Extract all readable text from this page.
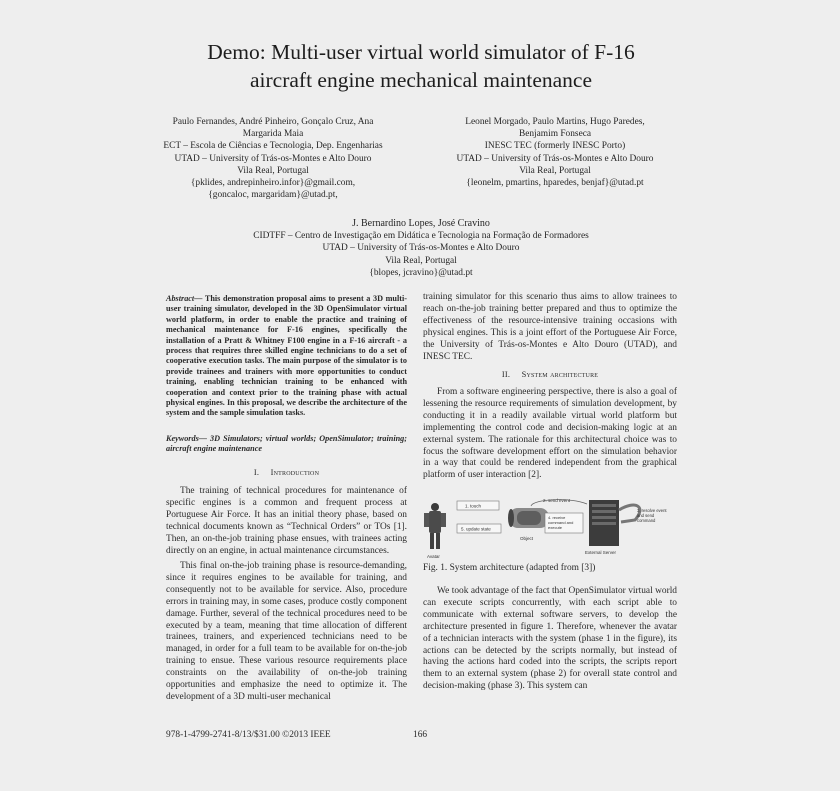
Demo: Multi-user virtual world simulator of F-16
aircraft engine mechanical maintenance
Paulo Fernandes, André Pinheiro, Gonçalo Cruz, Ana
Margarida Maia
ECT – Escola de Ciências e Tecnologia, Dep. Engenharias
UTAD – University of Trás-os-Montes e Alto Douro
Vila Real, Portugal
{pklides, andrepinheiro.infor}@gmail.com,
{goncaloc, margaridam}@utad.pt,
Leonel Morgado, Paulo Martins, Hugo Paredes,
Benjamim Fonseca
INESC TEC (formerly INESC Porto)
UTAD – University of Trás-os-Montes e Alto Douro
Vila Real, Portugal
{leonelm, pmartins, hparedes, benjaf}@utad.pt
J. Bernardino Lopes, José Cravino
CIDTFF – Centro de Investigação em Didática e Tecnologia na Formação de Formadores
UTAD – University of Trás-os-Montes e Alto Douro
Vila Real, Portugal
{blopes, jcravino}@utad.pt

Abstract— This demonstration proposal aims to present a 3D multi-user training simulator, developed in the 3D OpenSimulator virtual world platform, in order to enable the practice and training of mechanical maintenance for F-16 engines, specifically the installation of a Pratt & Whitney F100 engine in a F-16 aircraft - a process that requires three skilled engine technicians to do a set of cooperative execution tasks. The main purpose of the simulator is to provide trainees and trainers with more opportunities to conduct training, enabling technician training to be enhanced with cooperation and context prior to the training phase with actual physical engines. In this proposal, we describe the architecture of the system and the sample simulation tasks.

Keywords— 3D Simulators; virtual worlds; OpenSimulator; training; aircraft engine maintenance

I. Introduction
The training of technical procedures for maintenance of specific engines is a common and frequent process at Portuguese Air Force. It has an initial theory phase, based on technical documents known as “Technical Orders” or TOs [1]. Then, an on-the-job training phase ensues, with trainees acting directly on an engine, in actual maintenance circumstances.
This final on-the-job training phase is resource-demanding, since it requires engines to be available for training, and consequently not to be available for service. Also, procedure errors in training may, in some cases, produce costly component damage. Further, several of the technical procedures need to be executed by a team, meaning that time allocation of different trainees, trainers, and experienced technicians need to be managed, in order for a full team to be available for on-the-job training to ensue. These various resource requirements place constraints on the availability of on-the-job training opportunities and emphasize the need to optimize it. The development of a 3D multi-user mechanical
training simulator for this scenario thus aims to allow trainees to reach on-the-job training better prepared and thus to optimize the effectiveness of the resource-intensive training occasions with physical engines. This is a joint effort of the Portuguese Air Force, the University of Trás-os-Montes e Alto Douro (UTAD), and INESC TEC.
II. System architecture
From a software engineering perspective, there is also a goal of lessening the resource requirements of simulation development, by conducting it in a readily available virtual world platform but implementing the control code and decision-making logic at an external system. The rationale for this architectural choice was to focus the software development effort on the simulation behavior in a way that could be rendered independent from the graphical platform of user interaction [2].
Avatar
1. touch
5. update state
Object
2. send event
4. receive
command and
execute
External Server
3. resolve event
and send
command
Fig. 1. System architecture (adapted from [3])
We took advantage of the fact that OpenSimulator virtual world can execute scripts concurrently, with each script able to communicate with external software servers, to develop the architecture presented in figure 1. Therefore, whenever the avatar of a technician interacts with the system (phase 1 in the figure), its actions can be detected by the scripts normally, but instead of having the actions hard coded into the scripts, the scripts report them to an external system (phase 2) for overall state control and decision-making (phase 3). This system can
978-1-4799-2741-8/13/$31.00 ©2013 IEEE	166
